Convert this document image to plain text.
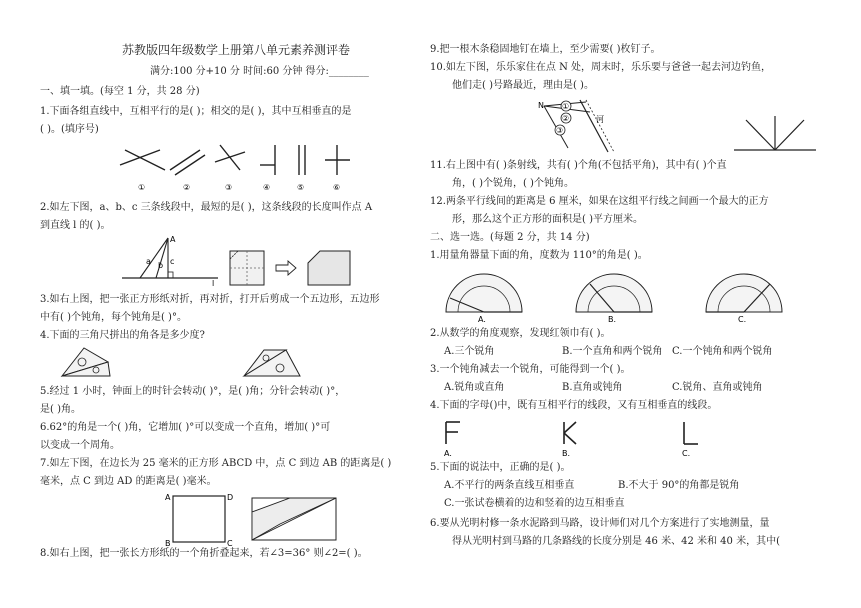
苏教版四年级数学上册第八单元素养测评卷
满分:100 分+10 分 时间:60 分钟 得分:________
一、填一填。(每空 1 分，共 28 分)
1.下面各组直线中，互相平行的是( )；相交的是( )，其中互相垂直的是
( )。(填序号)
①	②	③	④	⑤	⑥
2.如左下图，a、b、c 三条线段中，最短的是( )，这条线段的长度叫作点 A
到直线 l 的( )。
A
a b c
l
3.如右上图，把一张正方形纸对折，再对折，打开后剪成一个五边形，五边形
中有( )个钝角，每个钝角是( )°。
4.下面的三角尺拼出的角各是多少度?
5.经过 1 小时，钟面上的时针会转动( )°，是( )角；分针会转动( )°，
是( )角。
6.62°的角是一个( )角，它增加( )°可以变成一个直角，增加( )°可
以变成一个周角。
7.如左下图，在边长为 25 毫米的正方形 ABCD 中，点 C 到边 AB 的距离是( )
毫米，点 C 到边 AD 的距离是( )毫米。
A
B	C
D
8.如右上图，把一张长方形纸的一个角折叠起来，若∠3=36° 则∠2=( )。
9.把一根木条稳固地钉在墙上，至少需要( )枚钉子。
10.如左下图，乐乐家住在点 N 处，周末时，乐乐要与爸爸一起去河边钓鱼，
他们走( )号路最近，理由是( )。
N ①
②
③
河
11.右上图中有( )条射线，共有( )个角(不包括平角)，其中有( )个直
角，( )个锐角，( )个钝角。
12.两条平行线间的距离是 6 厘米，如果在这组平行线之间画一个最大的正方
形，那么这个正方形的面积是( )平方厘米。
二、选一选。(每题 2 分，共 14 分)
1.用量角器量下面的角，度数为 110°的角是( )。
A.	B.	C.
2.从数学的角度观察，发现红领巾有( )。
A.三个锐角	B.一个直角和两个锐角 C.一个钝角和两个锐角
3.一个钝角减去一个锐角，可能得到一个( )。
A.锐角或直角	B.直角或钝角	C.锐角、直角或钝角
4.下面的字母()中，既有互相平行的线段，又有互相垂直的线段。
A.	B.	C.
5.下面的说法中，正确的是( )。
A.不平行的两条直线互相垂直	B.不大于 90°的角都是锐角
C.一张试卷横着的边和竖着的边互相垂直
6.要从光明村修一条水泥路到马路，设计师们对几个方案进行了实地测量，量
得从光明村到马路的几条路线的长度分别是 46 米、42 米和 40 米，其中(
